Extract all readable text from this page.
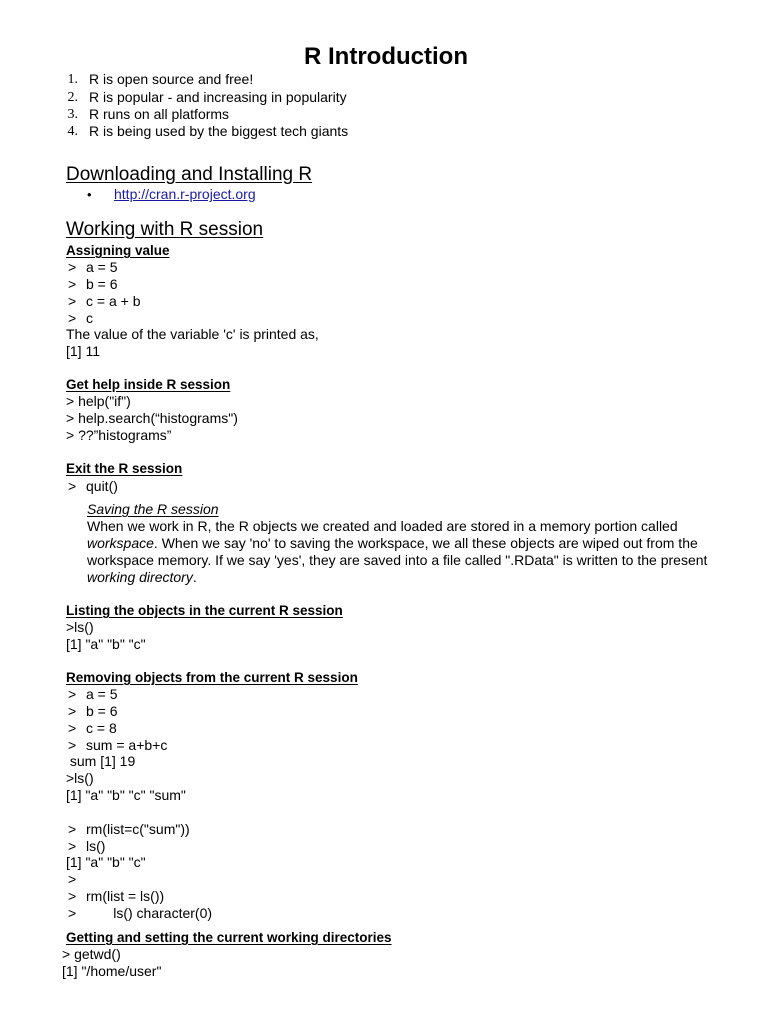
R Introduction
1. R is open source and free!
2. R is popular - and increasing in popularity
3. R runs on all platforms
4. R is being used by the biggest tech giants
Downloading and Installing R
• http://cran.r-project.org
Working with R session
Assigning value
> a = 5
> b = 6
> c = a + b
> c
The value of the variable 'c' is printed as,
[1] 11
Get help inside R session
> help("if")
> help.search(“histograms")
> ??”histograms”
Exit the R session
> quit()
Saving the R session
When we work in R, the R objects we created and loaded are stored in a memory portion called workspace. When we say 'no' to saving the workspace, we all these objects are wiped out from the workspace memory. If we say 'yes', they are saved into a file called ".RData" is written to the present working directory.
Listing the objects in the current R session
>ls()
[1] "a" "b" "c"
Removing objects from the current R session
> a = 5
> b = 6
> c = 8
> sum = a+b+c
sum [1] 19
>ls()
[1] "a" "b" "c" "sum"
> rm(list=c("sum"))
> ls()
[1] "a" "b" "c"
>
> rm(list = ls())
> ls() character(0)
Getting and setting the current working directories
> getwd()
[1] "/home/user"
